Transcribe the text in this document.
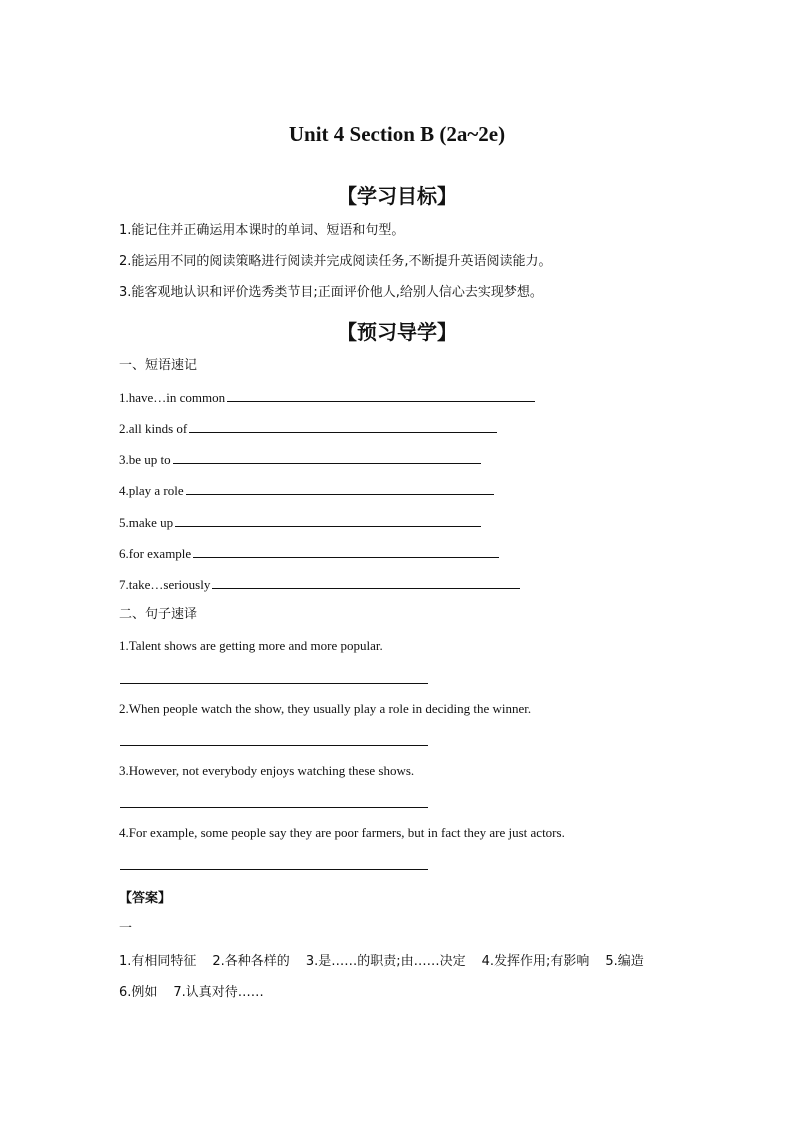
Unit 4 Section B (2a~2e)
【学习目标】
1.能记住并正确运用本课时的单词、短语和句型。
2.能运用不同的阅读策略进行阅读并完成阅读任务,不断提升英语阅读能力。
3.能客观地认识和评价选秀类节目;正面评价他人,给别人信心去实现梦想。
【预习导学】
一、短语速记
1.have…in common
2.all kinds of
3.be up to
4.play a role
5.make up
6.for example
7.take…seriously
二、句子速译
1.Talent shows are getting more and more popular.
2.When people watch the show, they usually play a role in deciding the winner.
3.However, not everybody enjoys watching these shows.
4.For example, some people say they are poor farmers, but in fact they are just actors.
【答案】
一
1.有相同特征 2.各种各样的 3.是……的职责;由……决定 4.发挥作用;有影响 5.编造
6.例如 7.认真对待……
